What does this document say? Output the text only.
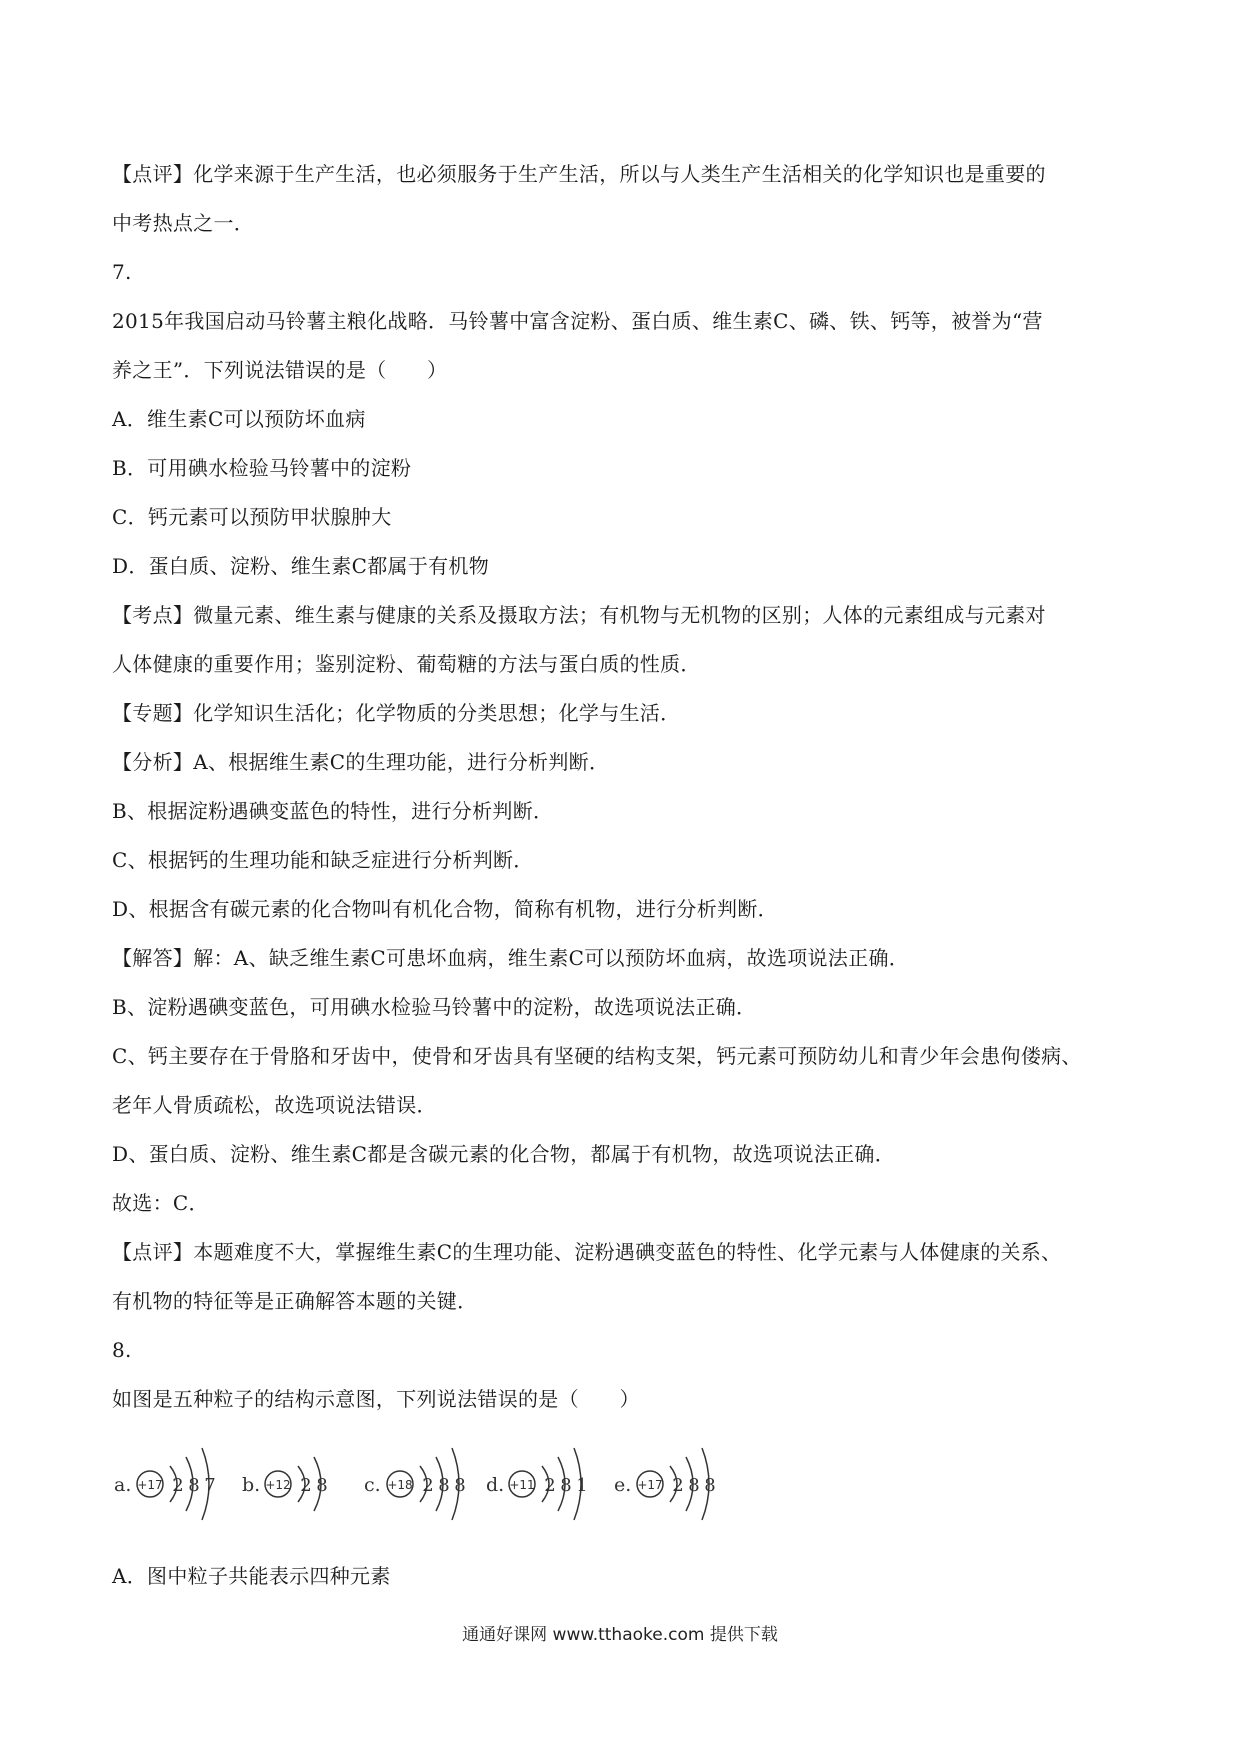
【点评】化学来源于生产生活，也必须服务于生产生活，所以与人类生产生活相关的化学知识也是重要的
中考热点之一．
7.
2015年我国启动马铃薯主粮化战略．马铃薯中富含淀粉、蛋白质、维生素C、磷、铁、钙等，被誉为“营
养之王”．下列说法错误的是（　　）
A．维生素C可以预防坏血病
B．可用碘水检验马铃薯中的淀粉
C．钙元素可以预防甲状腺肿大
D．蛋白质、淀粉、维生素C都属于有机物
【考点】微量元素、维生素与健康的关系及摄取方法；有机物与无机物的区别；人体的元素组成与元素对
人体健康的重要作用；鉴别淀粉、葡萄糖的方法与蛋白质的性质．
【专题】化学知识生活化；化学物质的分类思想；化学与生活．
【分析】A、根据维生素C的生理功能，进行分析判断．
B、根据淀粉遇碘变蓝色的特性，进行分析判断．
C、根据钙的生理功能和缺乏症进行分析判断．
D、根据含有碳元素的化合物叫有机化合物，简称有机物，进行分析判断．
【解答】解：A、缺乏维生素C可患坏血病，维生素C可以预防坏血病，故选项说法正确．
B、淀粉遇碘变蓝色，可用碘水检验马铃薯中的淀粉，故选项说法正确．
C、钙主要存在于骨胳和牙齿中，使骨和牙齿具有坚硬的结构支架，钙元素可预防幼儿和青少年会患佝偻病、
老年人骨质疏松，故选项说法错误．
D、蛋白质、淀粉、维生素C都是含碳元素的化合物，都属于有机物，故选项说法正确．
故选：C．
【点评】本题难度不大，掌握维生素C的生理功能、淀粉遇碘变蓝色的特性、化学元素与人体健康的关系、
有机物的特征等是正确解答本题的关键．
8.
如图是五种粒子的结构示意图，下列说法错误的是（　　）
a. +17 2 8 7 b. +12 2 8 c. +18 2 8 8 d. +11 2 8 1 e. +17 2 8 8
A．图中粒子共能表示四种元素
通通好课网 www.tthaoke.com 提供下载
